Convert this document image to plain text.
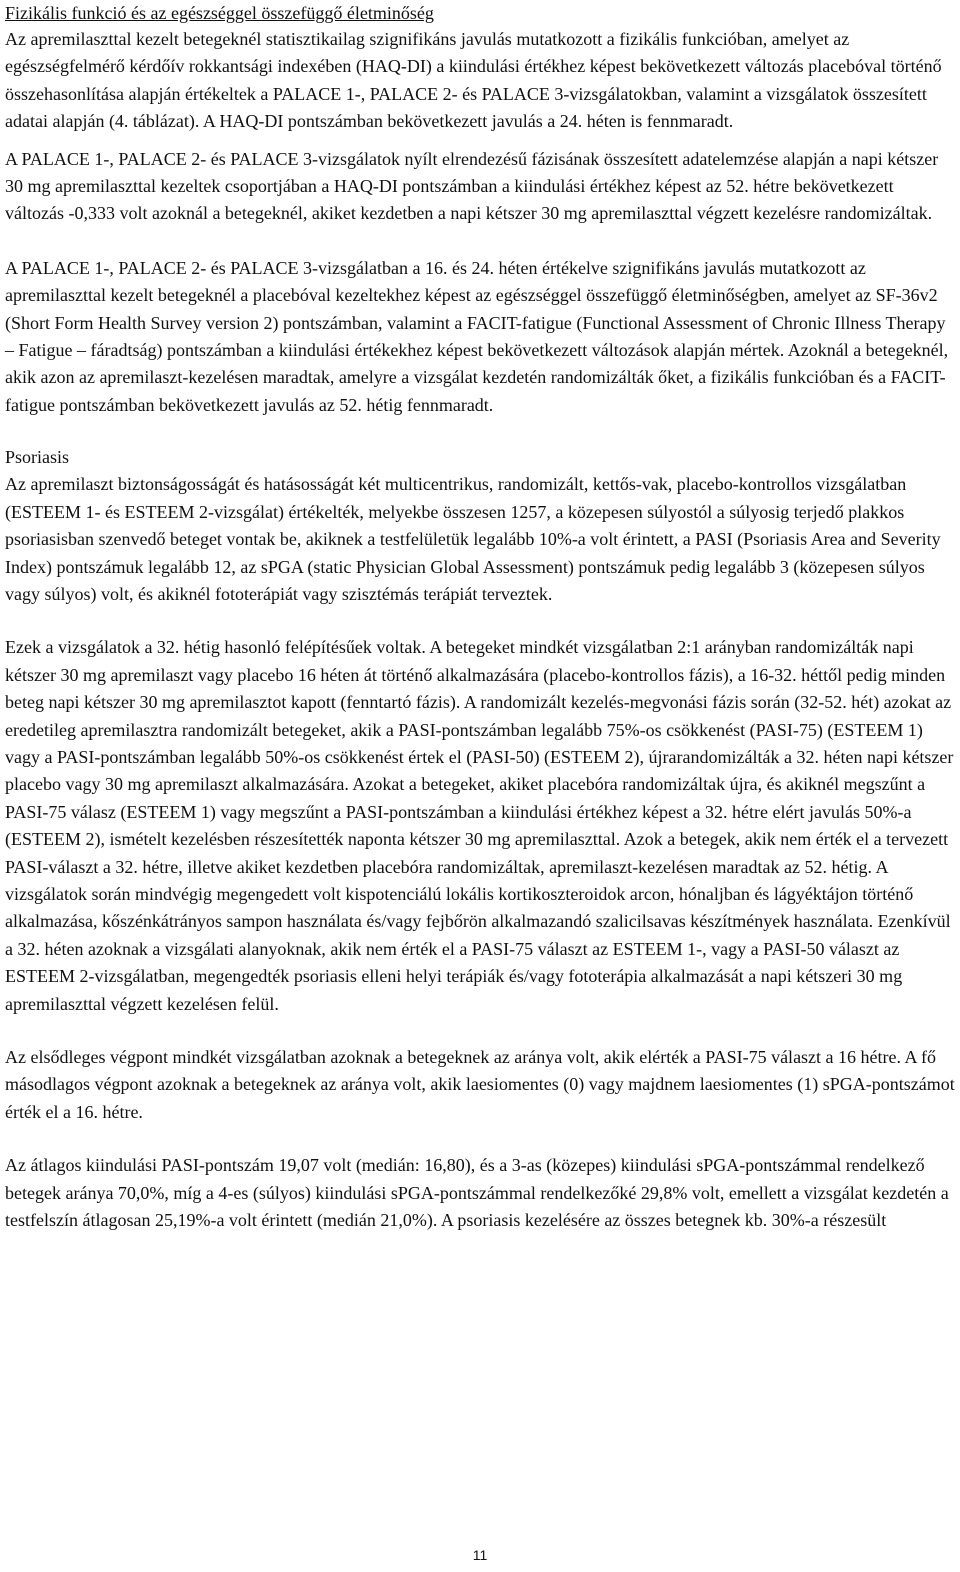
Fizikális funkció és az egészséggel összefüggő életminőség

Az apremilaszttal kezelt betegeknél statisztikailag szignifikáns javulás mutatkozott a fizikális funkcióban, amelyet az egészségfelmérő kérdőív rokkantsági indexében (HAQ-DI) a kiindulási értékhez képest bekövetkezett változás placebóval történő összehasonlítása alapján értékeltek a PALACE 1-, PALACE 2- és PALACE 3-vizsgálatokban, valamint a vizsgálatok összesített adatai alapján (4. táblázat). A HAQ-DI pontszámban bekövetkezett javulás a 24. héten is fennmaradt.

A PALACE 1-, PALACE 2- és PALACE 3-vizsgálatok nyílt elrendezésű fázisának összesített adatelemzése alapján a napi kétszer 30 mg apremilaszttal kezeltek csoportjában a HAQ-DI pontszámban a kiindulási értékhez képest az 52. hétre bekövetkezett változás -0,333 volt azoknál a betegeknél, akiket kezdetben a napi kétszer 30 mg apremilaszttal végzett kezelésre randomizáltak.

A PALACE 1-, PALACE 2- és PALACE 3-vizsgálatban a 16. és 24. héten értékelve szignifikáns javulás mutatkozott az apremilaszttal kezelt betegeknél a placebóval kezeltekhez képest az egészséggel összefüggő életminőségben, amelyet az SF-36v2 (Short Form Health Survey version 2) pontszámban, valamint a FACIT-fatigue (Functional Assessment of Chronic Illness Therapy – Fatigue – fáradtság) pontszámban a kiindulási értékekhez képest bekövetkezett változások alapján mértek. Azoknál a betegeknél, akik azon az apremilaszt-kezelésen maradtak, amelyre a vizsgálat kezdetén randomizálták őket, a fizikális funkcióban és a FACIT-fatigue pontszámban bekövetkezett javulás az 52. hétig fennmaradt.

Psoriasis

Az apremilaszt biztonságosságát és hatásosságát két multicentrikus, randomizált, kettős-vak, placebo-kontrollos vizsgálatban (ESTEEM 1- és ESTEEM 2-vizsgálat) értékelték, melyekbe összesen 1257, a közepesen súlyostól a súlyosig terjedő plakkos psoriasisban szenvedő beteget vontak be, akiknek a testfelületük legalább 10%-a volt érintett, a PASI (Psoriasis Area and Severity Index) pontszámuk legalább 12, az sPGA (static Physician Global Assessment) pontszámuk pedig legalább 3 (közepesen súlyos vagy súlyos) volt, és akiknél fototerápiát vagy szisztémás terápiát terveztek.

Ezek a vizsgálatok a 32. hétig hasonló felépítésűek voltak. A betegeket mindkét vizsgálatban 2:1 arányban randomizálták napi kétszer 30 mg apremilaszt vagy placebo 16 héten át történő alkalmazására (placebo-kontrollos fázis), a 16-32. héttől pedig minden beteg napi kétszer 30 mg apremilasztot kapott (fenntartó fázis). A randomizált kezelés-megvonási fázis során (32-52. hét) azokat az eredetileg apremilasztra randomizált betegeket, akik a PASI-pontszámban legalább 75%-os csökkenést (PASI-75) (ESTEEM 1) vagy a PASI-pontszámban legalább 50%-os csökkenést értek el (PASI-50) (ESTEEM 2), újrarandomizálták a 32. héten napi kétszer placebo vagy 30 mg apremilaszt alkalmazására. Azokat a betegeket, akiket placebóra randomizáltak újra, és akiknél megszűnt a PASI-75 válasz (ESTEEM 1) vagy megszűnt a PASI-pontszámban a kiindulási értékhez képest a 32. hétre elért javulás 50%-a (ESTEEM 2), ismételt kezelésben részesítették naponta kétszer 30 mg apremilaszttal. Azok a betegek, akik nem érték el a tervezett PASI-választ a 32. hétre, illetve akiket kezdetben placebóra randomizáltak, apremilaszt-kezelésen maradtak az 52. hétig. A vizsgálatok során mindvégig megengedett volt kispotenciálú lokális kortikoszteroidok arcon, hónaljban és lágyéktájon történő alkalmazása, kőszénkátrányos sampon használata és/vagy fejbőrön alkalmazandó szalicilsavas készítmények használata. Ezenkívül a 32. héten azoknak a vizsgálati alanyoknak, akik nem érték el a PASI-75 választ az ESTEEM 1-, vagy a PASI-50 választ az ESTEEM 2-vizsgálatban, megengedték psoriasis elleni helyi terápiák és/vagy fototerápia alkalmazását a napi kétszeri 30 mg apremilaszttal végzett kezelésen felül.

Az elsődleges végpont mindkét vizsgálatban azoknak a betegeknek az aránya volt, akik elérték a PASI-75 választ a 16 hétre. A fő másodlagos végpont azoknak a betegeknek az aránya volt, akik laesiomentes (0) vagy majdnem laesiomentes (1) sPGA-pontszámot érték el a 16. hétre.

Az átlagos kiindulási PASI-pontszám 19,07 volt (medián: 16,80), és a 3-as (közepes) kiindulási sPGA-pontszámmal rendelkező betegek aránya 70,0%, míg a 4-es (súlyos) kiindulási sPGA-pontszámmal rendelkezőké 29,8% volt, emellett a vizsgálat kezdetén a testfelszín átlagosan 25,19%-a volt érintett (medián 21,0%). A psoriasis kezelésére az összes betegnek kb. 30%-a részesült

11
